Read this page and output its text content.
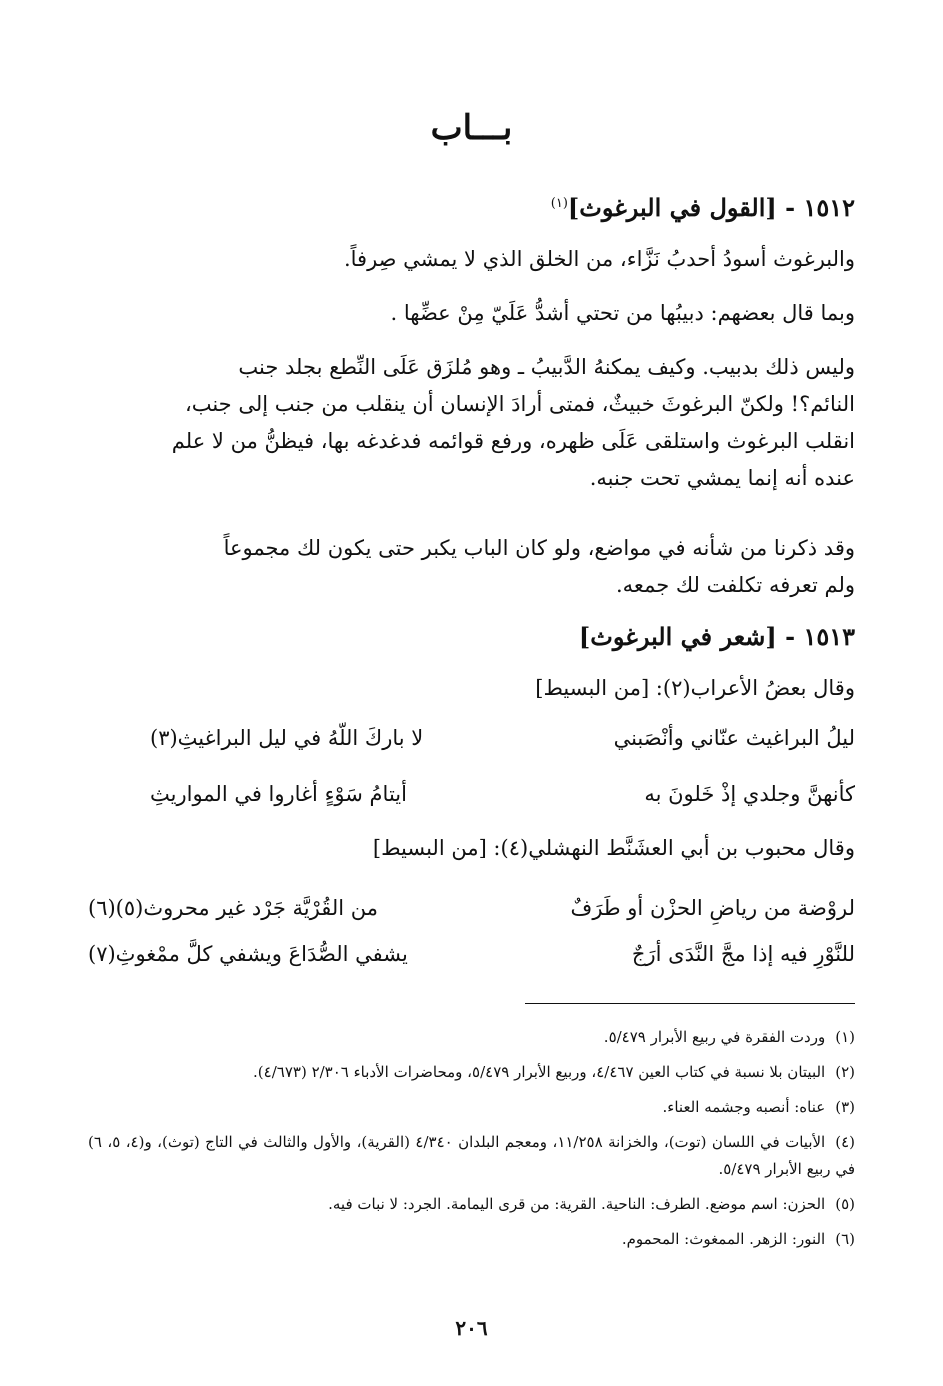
بـــاب
١٥١٢ - [القول في البرغوث]$^{(١)}$
والبرغوث أسودُ أحدبُ نَزَّاء، من الخلق الذي لا يمشي صِرفاً.
وبما قال بعضهم: دبيبُها من تحتي أشدُّ عَلَيّ مِنْ عضِّها .

وليس ذلك بدبيب. وكيف يمكنهُ الدَّبيبُ ـ وهو مُلزَق عَلَى النِّطع بجلد جنب

النائم؟! ولكنّ البرغوثَ خبيثٌ، فمتى أرادَ الإنسان أن ينقلب من جنب إلى جنب،

انقلب البرغوث واستلقى عَلَى ظهره، ورفع قوائمه فدغدغه بها، فيظنُّ من لا علم

عنده أنه إنما يمشي تحت جنبه.

وقد ذكرنا من شأنه في مواضع، ولو كان الباب يكبر حتى يكون لك مجموعاً

ولم تعرفه تكلفت لك جمعه.

١٥١٣ - [شعر في البرغوث]
وقال بعضُ الأعراب(٢): [من البسيط]
ليلُ البراغيث عنّاني وأنْصَبني
لا باركَ اللّهُ في ليل البراغيثِ(٣)
كأنهنَّ وجلدي إذْ خَلونَ به
أيتامُ سَوْءٍ أغاروا في المواريثِ
وقال محبوب بن أبي العشَنَّط النهشلي(٤): [من البسيط]
لروْضة من رياضِ الحزْن أو طَرَفٌ
من القُرْيَّة جَرْد غير محروث(٥)(٦)
للنَّوْرِ فيه إذا مجَّ النَّدَى أرَجٌ
يشفي الصُّدَاعَ ويشفي كلَّ ممْغوثِ(٧)

(١)وردت الفقرة في ربيع الأبرار ٥/٤٧٩.

(٢)البيتان بلا نسبة في كتاب العين ٤/٤٦٧، وربيع الأبرار ٥/٤٧٩، ومحاضرات الأدباء ٢/٣٠٦ (٤/٦٧٣).

(٣)عناه: أنصبه وجشمه العناء.

(٤)الأبيات في اللسان (توت)، والخزانة ١١/٢٥٨، ومعجم البلدان ٤/٣٤٠ (القرية)، والأول والثالث في التاج (توث)، و(٤، ٥، ٦) في ربيع الأبرار ٥/٤٧٩.

(٥)الحزن: اسم موضع. الطرف: الناحية. القرية: من قرى اليمامة. الجرد: لا نبات فيه.

(٦)النور: الزهر. الممغوث: المحموم.

٢٠٦
